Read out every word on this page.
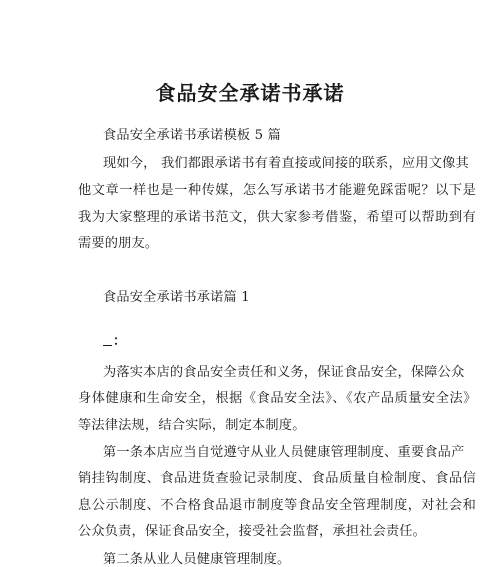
食品安全承诺书承诺
食品安全承诺书承诺模板 5 篇
现如今， 我们都跟承诺书有着直接或间接的联系，应用文像其
他文章一样也是一种传媒，怎么写承诺书才能避免踩雷呢？以下是
我为大家整理的承诺书范文，供大家参考借鉴，希望可以帮助到有
需要的朋友。
食品安全承诺书承诺篇 1
：
为落实本店的食品安全责任和义务，保证食品安全，保障公众
身体健康和生命安全，根据《食品安全法》、《农产品质量安全法》
等法律法规，结合实际，制定本制度。
第一条本店应当自觉遵守从业人员健康管理制度、重要食品产
销挂钩制度、食品进货查验记录制度、食品质量自检制度、食品信
息公示制度、不合格食品退市制度等食品安全管理制度，对社会和
公众负责，保证食品安全，接受社会监督，承担社会责任。
第二条从业人员健康管理制度。
